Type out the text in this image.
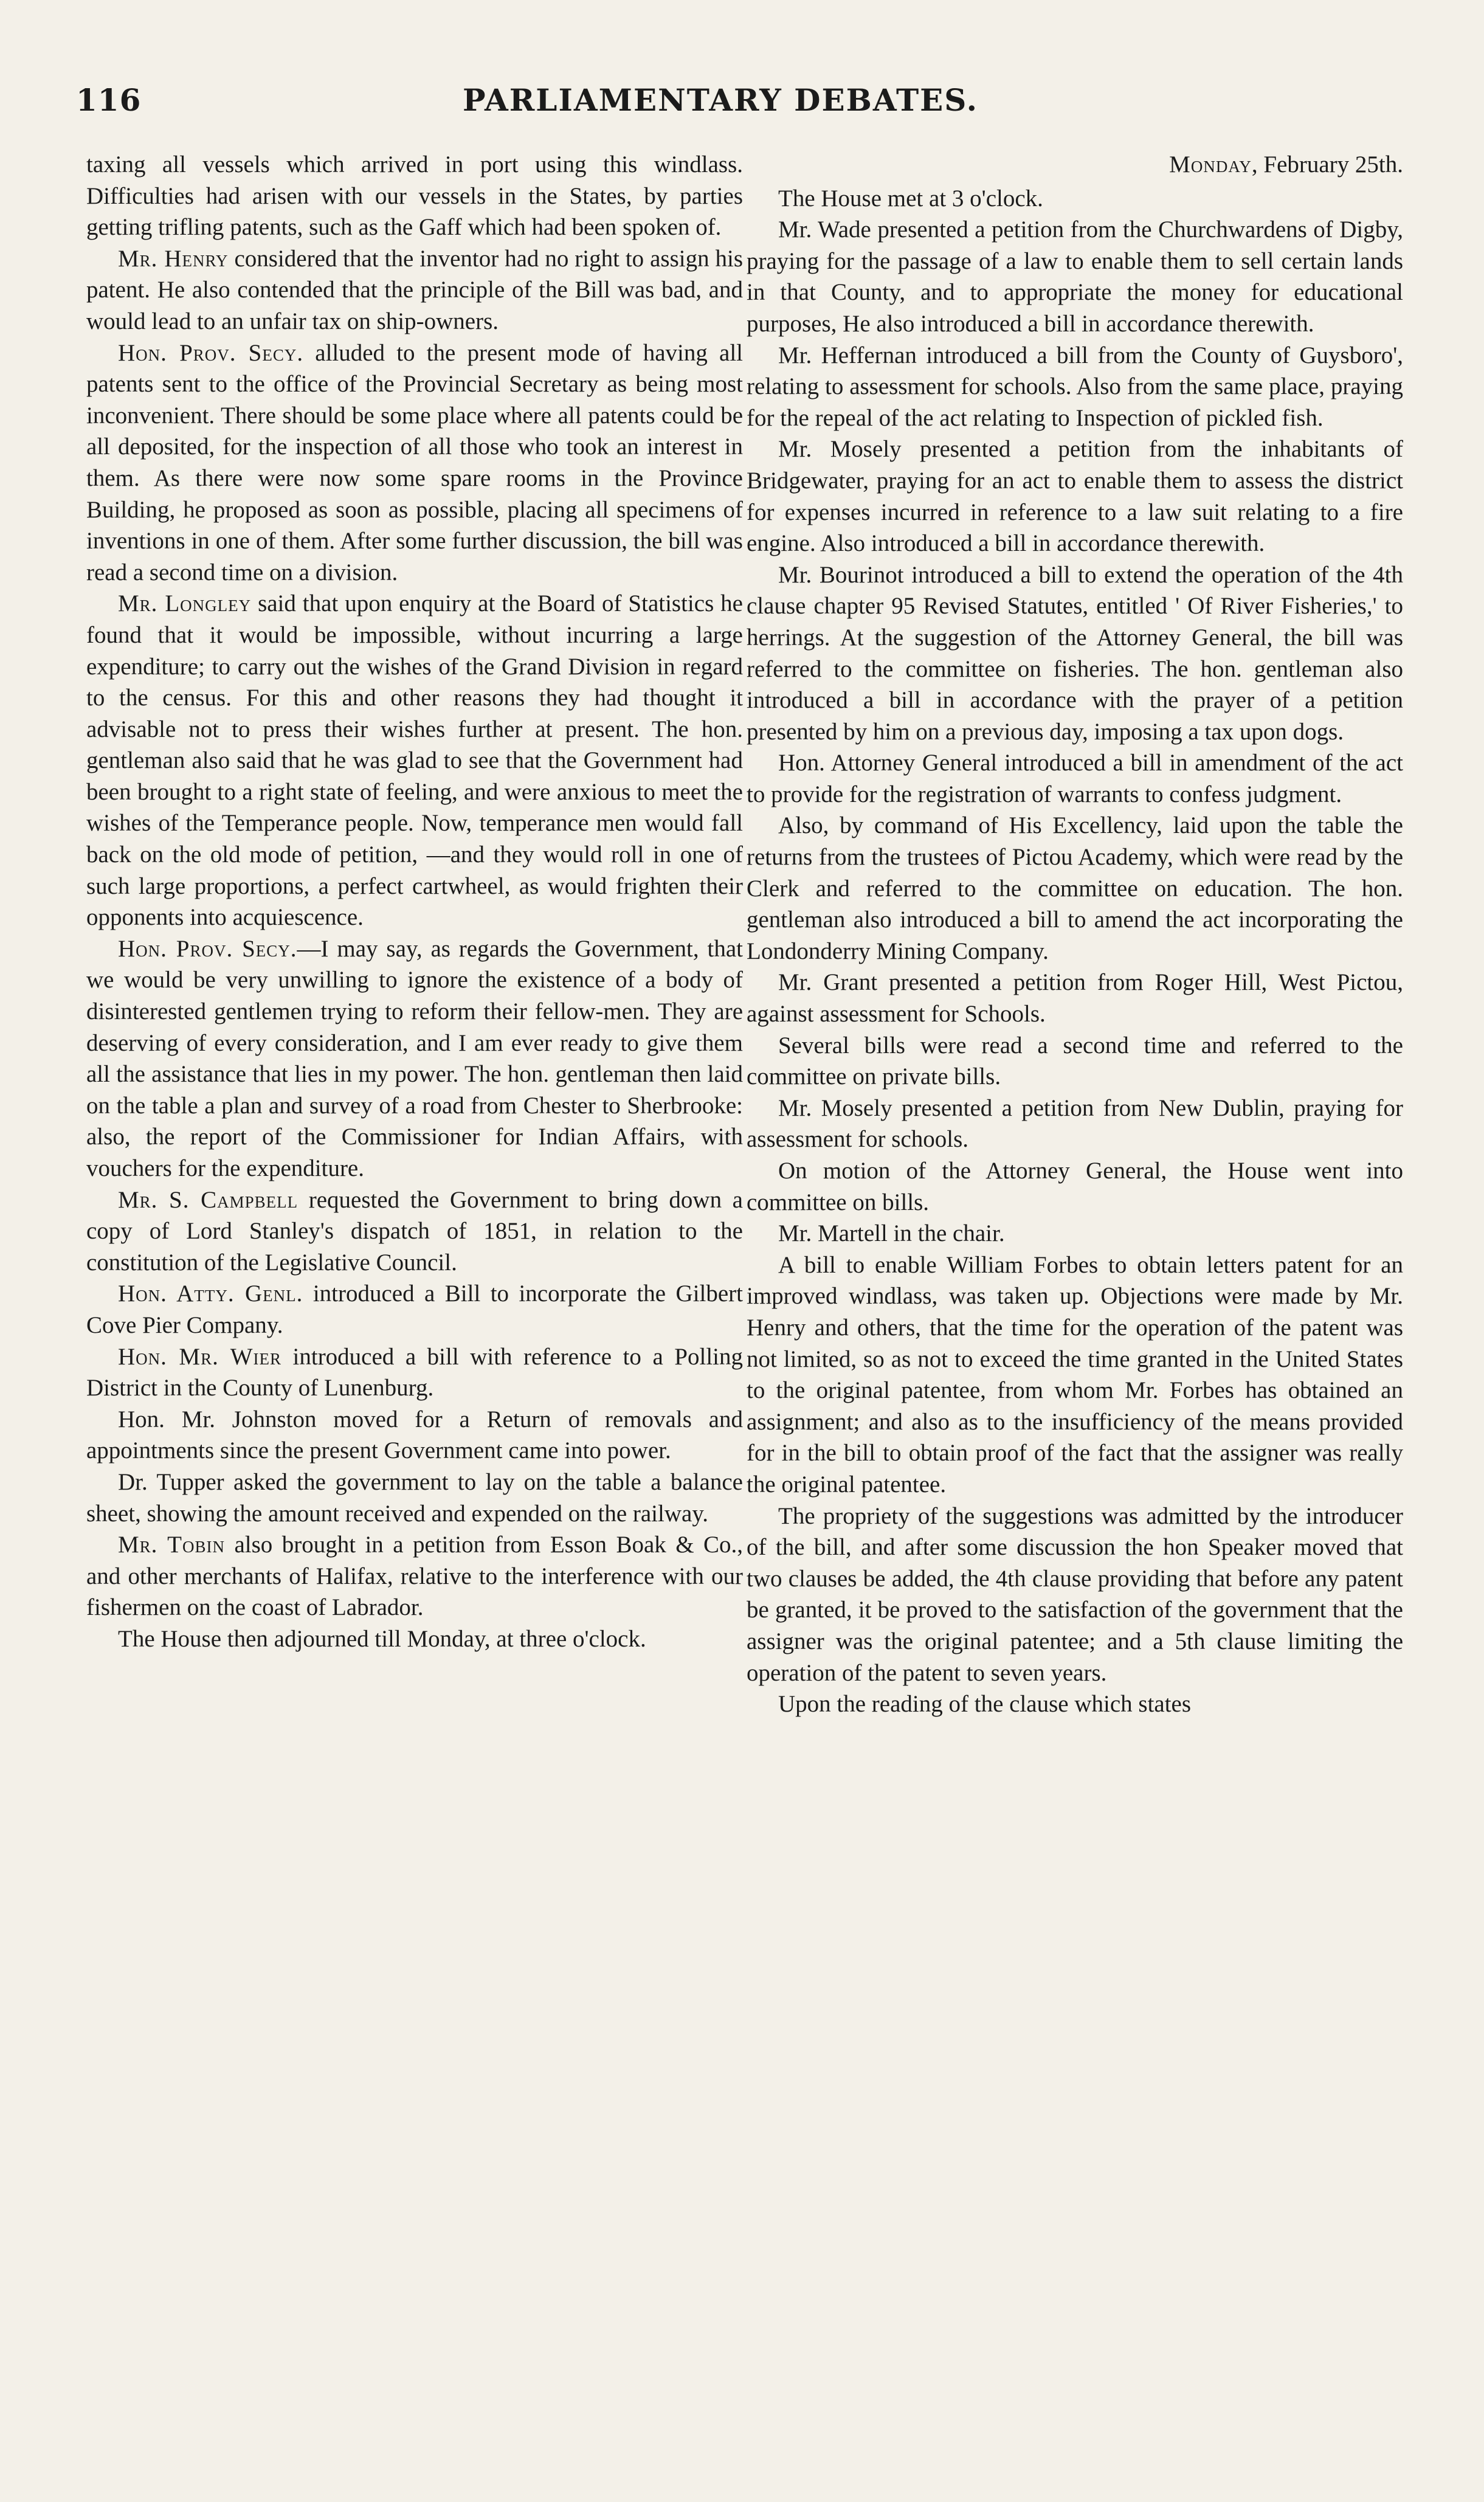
116	PARLIAMENTARY DEBATES.

taxing all vessels which arrived in port using this windlass. Difficulties had arisen with our vessels in the States, by parties getting trifling patents, such as the Gaff which had been spoken of.

Mr. Henry considered that the inventor had no right to assign his patent. He also contended that the principle of the Bill was bad, and would lead to an unfair tax on ship-owners.

Hon. Prov. Secy. alluded to the present mode of having all patents sent to the office of the Provincial Secretary as being most inconvenient. There should be some place where all patents could be all deposited, for the inspection of all those who took an interest in them. As there were now some spare rooms in the Province Building, he proposed as soon as possible, placing all specimens of inventions in one of them. After some further discussion, the bill was read a second time on a division.

Mr. Longley said that upon enquiry at the Board of Statistics he found that it would be impossible, without incurring a large expenditure; to carry out the wishes of the Grand Division in regard to the census. For this and other reasons they had thought it advisable not to press their wishes further at present. The hon. gentleman also said that he was glad to see that the Government had been brought to a right state of feeling, and were anxious to meet the wishes of the Temperance people. Now, temperance men would fall back on the old mode of petition, —and they would roll in one of such large proportions, a perfect cartwheel, as would frighten their opponents into acquiescence.

Hon. Prov. Secy.—I may say, as regards the Government, that we would be very unwilling to ignore the existence of a body of disinterested gentlemen trying to reform their fellow-men. They are deserving of every consideration, and I am ever ready to give them all the assistance that lies in my power. The hon. gentleman then laid on the table a plan and survey of a road from Chester to Sherbrooke: also, the report of the Commissioner for Indian Affairs, with vouchers for the expenditure.

Mr. S. Campbell requested the Government to bring down a copy of Lord Stanley's dispatch of 1851, in relation to the constitution of the Legislative Council.

Hon. Atty. Genl. introduced a Bill to incorporate the Gilbert Cove Pier Company.

Hon. Mr. Wier introduced a bill with reference to a Polling District in the County of Lunenburg.

Hon. Mr. Johnston moved for a Return of removals and appointments since the present Government came into power.

Dr. Tupper asked the government to lay on the table a balance sheet, showing the amount received and expended on the railway.

Mr. Tobin also brought in a petition from Esson Boak & Co., and other merchants of Halifax, relative to the interference with our fishermen on the coast of Labrador.

The House then adjourned till Monday, at three o'clock.

Monday, February 25th.

The House met at 3 o'clock.

Mr. Wade presented a petition from the Churchwardens of Digby, praying for the passage of a law to enable them to sell certain lands in that County, and to appropriate the money for educational purposes, He also introduced a bill in accordance therewith.

Mr. Heffernan introduced a bill from the County of Guysboro', relating to assessment for schools. Also from the same place, praying for the repeal of the act relating to Inspection of pickled fish.

Mr. Mosely presented a petition from the inhabitants of Bridgewater, praying for an act to enable them to assess the district for expenses incurred in reference to a law suit relating to a fire engine. Also introduced a bill in accordance therewith.

Mr. Bourinot introduced a bill to extend the operation of the 4th clause chapter 95 Revised Statutes, entitled ' Of River Fisheries,' to herrings. At the suggestion of the Attorney General, the bill was referred to the committee on fisheries. The hon. gentleman also introduced a bill in accordance with the prayer of a petition presented by him on a previous day, imposing a tax upon dogs.

Hon. Attorney General introduced a bill in amendment of the act to provide for the registration of warrants to confess judgment.

Also, by command of His Excellency, laid upon the table the returns from the trustees of Pictou Academy, which were read by the Clerk and referred to the committee on education. The hon. gentleman also introduced a bill to amend the act incorporating the Londonderry Mining Company.

Mr. Grant presented a petition from Roger Hill, West Pictou, against assessment for Schools.

Several bills were read a second time and referred to the committee on private bills.

Mr. Mosely presented a petition from New Dublin, praying for assessment for schools.

On motion of the Attorney General, the House went into committee on bills.

Mr. Martell in the chair.

A bill to enable William Forbes to obtain letters patent for an improved windlass, was taken up. Objections were made by Mr. Henry and others, that the time for the operation of the patent was not limited, so as not to exceed the time granted in the United States to the original patentee, from whom Mr. Forbes has obtained an assignment; and also as to the insufficiency of the means provided for in the bill to obtain proof of the fact that the assigner was really the original patentee.

The propriety of the suggestions was admitted by the introducer of the bill, and after some discussion the hon Speaker moved that two clauses be added, the 4th clause providing that before any patent be granted, it be proved to the satisfaction of the government that the assigner was the original patentee; and a 5th clause limiting the operation of the patent to seven years.

Upon the reading of the clause which states
